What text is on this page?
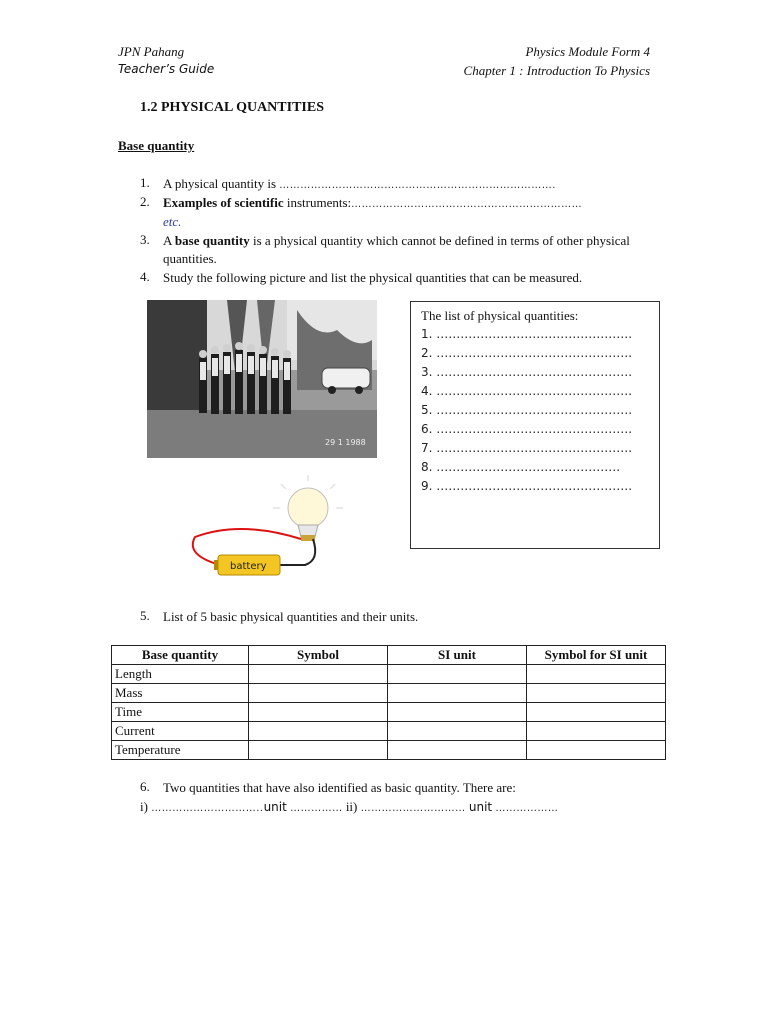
JPN Pahang
Teacher’s Guide
Physics Module Form 4
Chapter 1 : Introduction To Physics
1.2 PHYSICAL QUANTITIES
Base quantity
1. A physical quantity is …………………………………………………………………….
2. Examples of scientific instruments:…………………………………………………………
etc.
3. A base quantity is a physical quantity which cannot be defined in terms of other physical
quantities.
4. Study the following picture and list the physical quantities that can be measured.
29 1 1988
battery
The list of physical quantities:
1. ………………………………………….
2. ………………………………………….
3. ………………………………………….
4. ………………………………………….
5. ………………………………………….
6. ………………………………………….
7. ………………………………………….
8. ……………………………………….
9. ………………………………………….
5. List of 5 basic physical quantities and their units.
Base quantity	Symbol	SI unit	Symbol for SI unit
Length			
Mass			
Time			
Current			
Temperature			
6. Two quantities that have also identified as basic quantity. There are:
i) …………………………..unit …………… ii) ………………………… unit ………………
